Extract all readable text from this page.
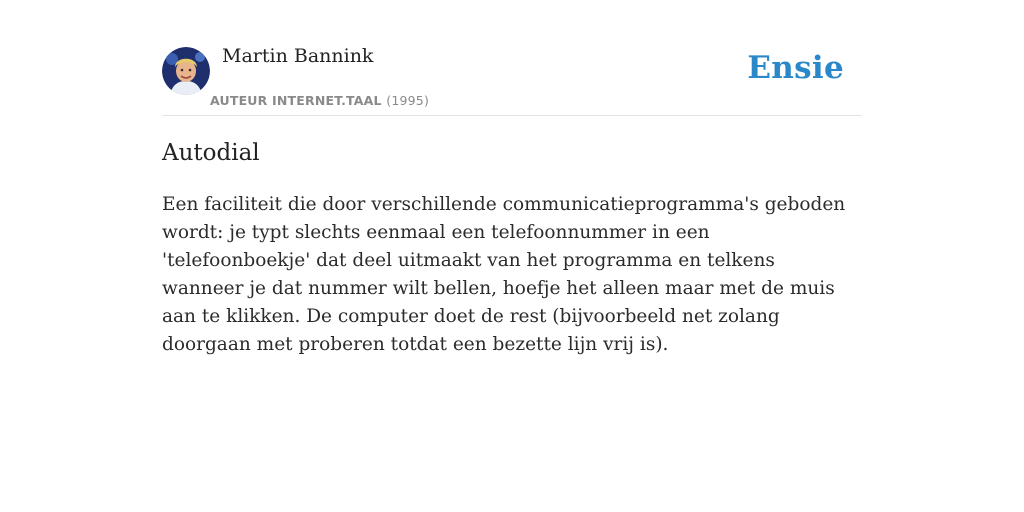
Martin Bannink
AUTEUR INTERNET.TAAL (1995)
Ensie
Autodial

Een faciliteit die door verschillende communicatieprogramma's geboden wordt: je typt slechts eenmaal een telefoonnummer in een 'telefoonboekje' dat deel uitmaakt van het programma en telkens wanneer je dat nummer wilt bellen, hoefje het alleen maar met de muis aan te klikken. De computer doet de rest (bijvoorbeeld net zolang doorgaan met proberen totdat een bezette lijn vrij is).
